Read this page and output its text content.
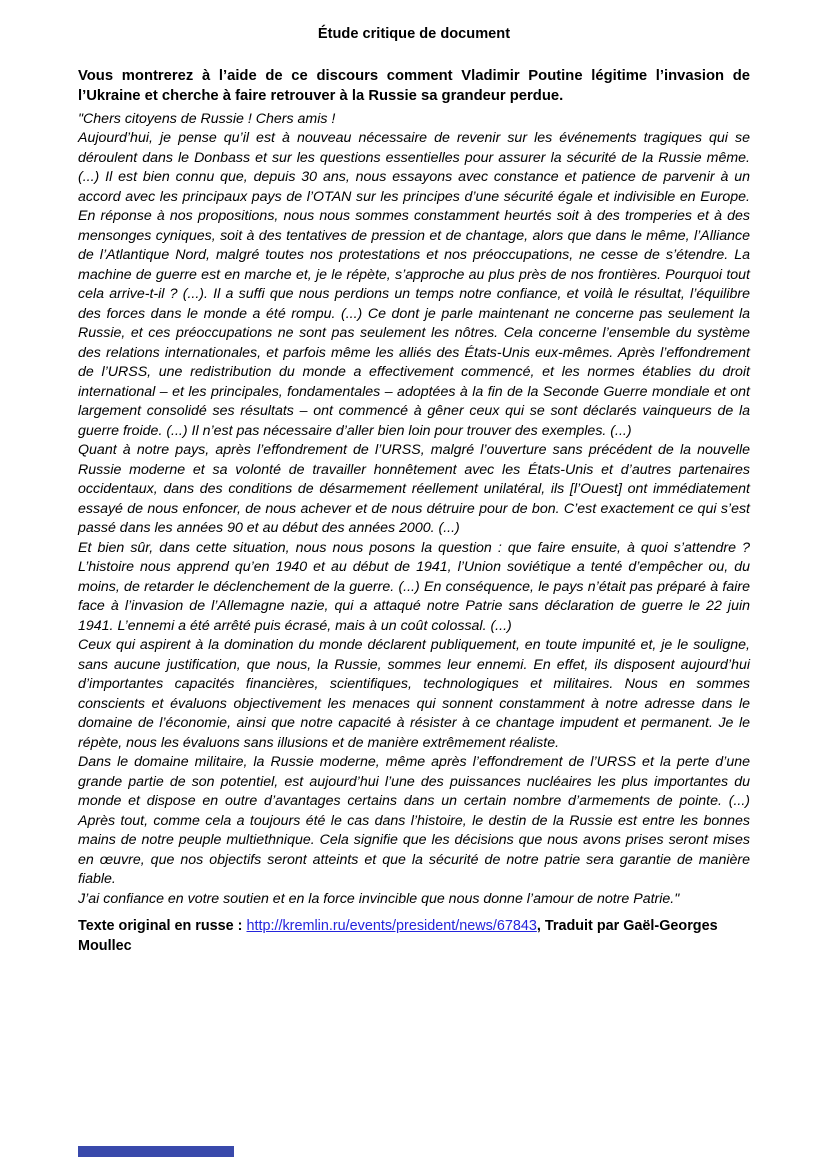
Étude critique de document

Vous montrerez à l’aide de ce discours comment Vladimir Poutine légitime l’invasion de l’Ukraine et cherche à faire retrouver à la Russie sa grandeur perdue.

"Chers citoyens de Russie ! Chers amis !

Aujourd’hui, je pense qu’il est à nouveau nécessaire de revenir sur les événements tragiques qui se déroulent dans le Donbass et sur les questions essentielles pour assurer la sécurité de la Russie même. (...) Il est bien connu que, depuis 30 ans, nous essayons avec constance et patience de parvenir à un accord avec les principaux pays de l’OTAN sur les principes d’une sécurité égale et indivisible en Europe. En réponse à nos propositions, nous nous sommes constamment heurtés soit à des tromperies et à des mensonges cyniques, soit à des tentatives de pression et de chantage, alors que dans le même, l’Alliance de l’Atlantique Nord, malgré toutes nos protestations et nos préoccupations, ne cesse de s’étendre. La machine de guerre est en marche et, je le répète, s’approche au plus près de nos frontières. Pourquoi tout cela arrive-t-il ? (...). Il a suffi que nous perdions un temps notre confiance, et voilà le résultat, l’équilibre des forces dans le monde a été rompu. (...) Ce dont je parle maintenant ne concerne pas seulement la Russie, et ces préoccupations ne sont pas seulement les nôtres. Cela concerne l’ensemble du système des relations internationales, et parfois même les alliés des États-Unis eux-mêmes. Après l’effondrement de l’URSS, une redistribution du monde a effectivement commencé, et les normes établies du droit international – et les principales, fondamentales – adoptées à la fin de la Seconde Guerre mondiale et ont largement consolidé ses résultats – ont commencé à gêner ceux qui se sont déclarés vainqueurs de la guerre froide. (...) Il n’est pas nécessaire d’aller bien loin pour trouver des exemples. (...)

Quant à notre pays, après l’effondrement de l’URSS, malgré l’ouverture sans précédent de la nouvelle Russie moderne et sa volonté de travailler honnêtement avec les États-Unis et d’autres partenaires occidentaux, dans des conditions de désarmement réellement unilatéral, ils [l’Ouest] ont immédiatement essayé de nous enfoncer, de nous achever et de nous détruire pour de bon. C’est exactement ce qui s’est passé dans les années 90 et au début des années 2000. (...)

Et bien sûr, dans cette situation, nous nous posons la question : que faire ensuite, à quoi s’attendre ? L’histoire nous apprend qu’en 1940 et au début de 1941, l’Union soviétique a tenté d’empêcher ou, du moins, de retarder le déclenchement de la guerre. (...) En conséquence, le pays n’était pas préparé à faire face à l’invasion de l’Allemagne nazie, qui a attaqué notre Patrie sans déclaration de guerre le 22 juin 1941. L’ennemi a été arrêté puis écrasé, mais à un coût colossal. (...)

Ceux qui aspirent à la domination du monde déclarent publiquement, en toute impunité et, je le souligne, sans aucune justification, que nous, la Russie, sommes leur ennemi. En effet, ils disposent aujourd’hui d’importantes capacités financières, scientifiques, technologiques et militaires. Nous en sommes conscients et évaluons objectivement les menaces qui sonnent constamment à notre adresse dans le domaine de l’économie, ainsi que notre capacité à résister à ce chantage impudent et permanent. Je le répète, nous les évaluons sans illusions et de manière extrêmement réaliste.

Dans le domaine militaire, la Russie moderne, même après l’effondrement de l’URSS et la perte d’une grande partie de son potentiel, est aujourd’hui l’une des puissances nucléaires les plus importantes du monde et dispose en outre d’avantages certains dans un certain nombre d’armements de pointe. (...) Après tout, comme cela a toujours été le cas dans l’histoire, le destin de la Russie est entre les bonnes mains de notre peuple multiethnique. Cela signifie que les décisions que nous avons prises seront mises en œuvre, que nos objectifs seront atteints et que la sécurité de notre patrie sera garantie de manière fiable.

J’ai confiance en votre soutien et en la force invincible que nous donne l’amour de notre Patrie."

Texte original en russe : http://kremlin.ru/events/president/news/67843, Traduit par Gaël-Georges Moullec
